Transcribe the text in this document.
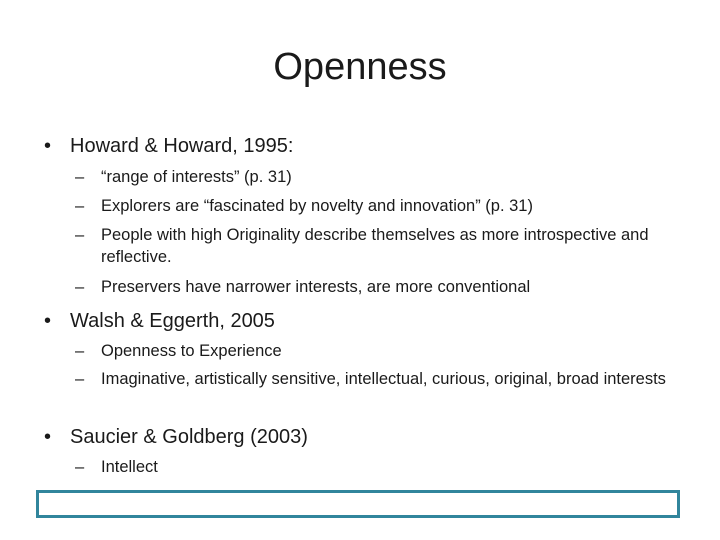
Openness
• Howard & Howard, 1995:
– “range of interests” (p. 31)
– Explorers are “fascinated by novelty and innovation” (p. 31)
– People with high Originality describe themselves as more introspective and reflective.
– Preservers have narrower interests, are more conventional
• Walsh & Eggerth, 2005
– Openness to Experience
– Imaginative, artistically sensitive, intellectual, curious, original, broad interests
• Saucier & Goldberg (2003)
– Intellect
